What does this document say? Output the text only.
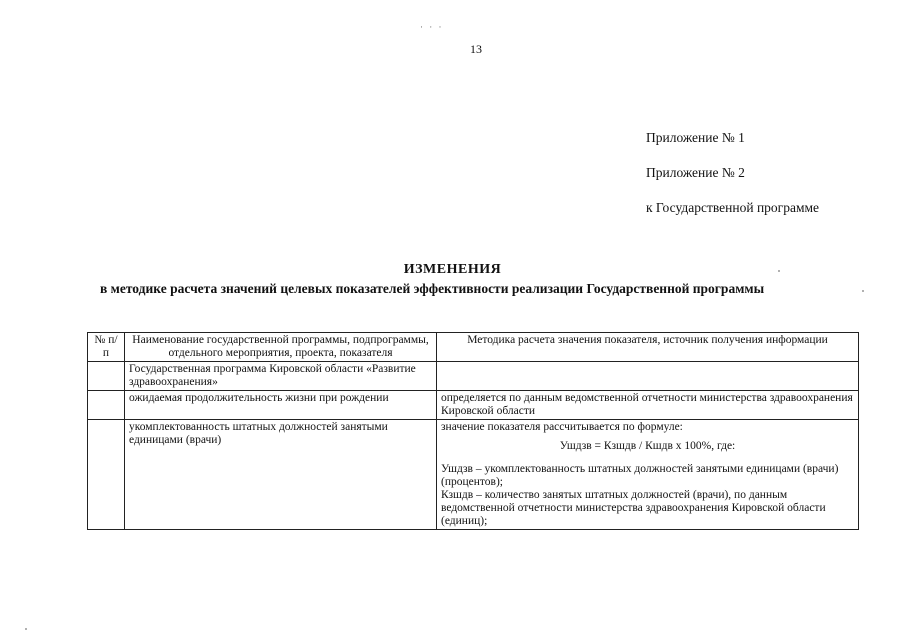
· · ·
13
Приложение № 1
Приложение № 2
к Государственной программе
ИЗМЕНЕНИЯ
в методике расчета значений целевых показателей эффективности реализации Государственной программы
№ п/п	Наименование государственной программы, подпрограммы, отдельного мероприятия, проекта, показателя	Методика расчета значения показателя, источник получения информации
	Государственная программа Кировской области «Развитие здравоохранения»	
	ожидаемая продолжительность жизни при рождении	определяется по данным ведомственной отчетности министерства здравоохранения Кировской области
	укомплектованность штатных должностей занятыми единицами (врачи)	значение показателя рассчитывается по формуле:
Ушдзв = Кзшдв / Кшдв х 100%, где:
Ушдзв – укомплектованность штатных должностей занятыми единицами (врачи) (процентов);
Кзшдв – количество занятых штатных должностей (врачи), по данным ведомственной отчетности министерства здравоохранения Кировской области (единиц);
